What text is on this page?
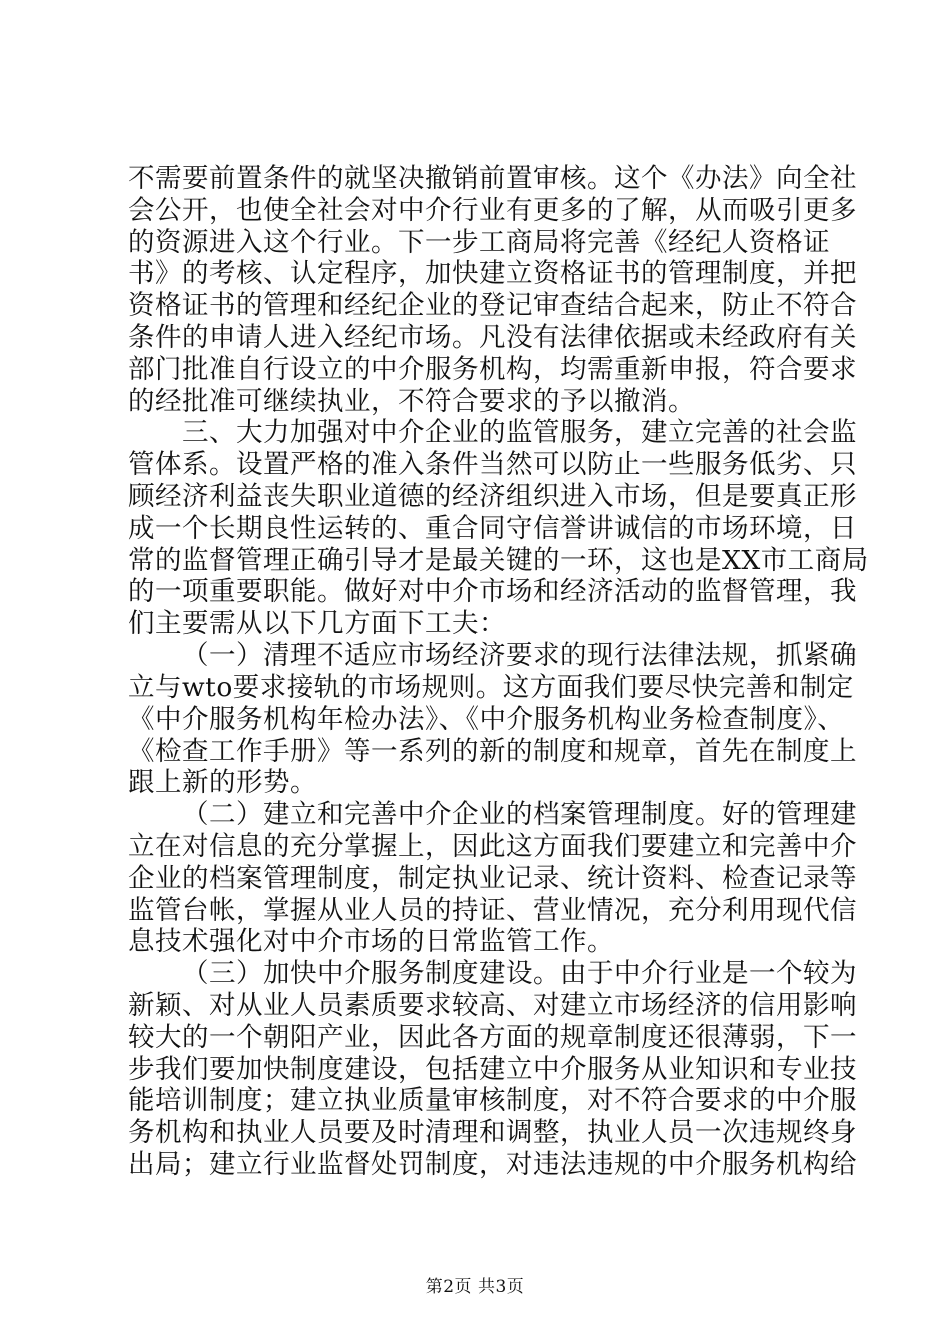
不需要前置条件的就坚决撤销前置审核。这个《办法》向全社
会公开，也使全社会对中介行业有更多的了解，从而吸引更多
的资源进入这个行业。下一步工商局将完善《经纪人资格证
书》的考核、认定程序，加快建立资格证书的管理制度，并把
资格证书的管理和经纪企业的登记审查结合起来，防止不符合
条件的申请人进入经纪市场。凡没有法律依据或未经政府有关
部门批准自行设立的中介服务机构，均需重新申报，符合要求
的经批准可继续执业，不符合要求的予以撤消。
三、大力加强对中介企业的监管服务，建立完善的社会监
管体系。设置严格的准入条件当然可以防止一些服务低劣、只
顾经济利益丧失职业道德的经济组织进入市场，但是要真正形
成一个长期良性运转的、重合同守信誉讲诚信的市场环境，日
常的监督管理正确引导才是最关键的一环，这也是XX市工商局
的一项重要职能。做好对中介市场和经济活动的监督管理，我
们主要需从以下几方面下工夫：
（一）清理不适应市场经济要求的现行法律法规，抓紧确
立与wto要求接轨的市场规则。这方面我们要尽快完善和制定
《中介服务机构年检办法》、《中介服务机构业务检查制度》、
《检查工作手册》等一系列的新的制度和规章，首先在制度上
跟上新的形势。
（二）建立和完善中介企业的档案管理制度。好的管理建
立在对信息的充分掌握上，因此这方面我们要建立和完善中介
企业的档案管理制度，制定执业记录、统计资料、检查记录等
监管台帐，掌握从业人员的持证、营业情况，充分利用现代信
息技术强化对中介市场的日常监管工作。
（三）加快中介服务制度建设。由于中介行业是一个较为
新颖、对从业人员素质要求较高、对建立市场经济的信用影响
较大的一个朝阳产业，因此各方面的规章制度还很薄弱，下一
步我们要加快制度建设，包括建立中介服务从业知识和专业技
能培训制度；建立执业质量审核制度，对不符合要求的中介服
务机构和执业人员要及时清理和调整，执业人员一次违规终身
出局；建立行业监督处罚制度，对违法违规的中介服务机构给
第2页 共3页
